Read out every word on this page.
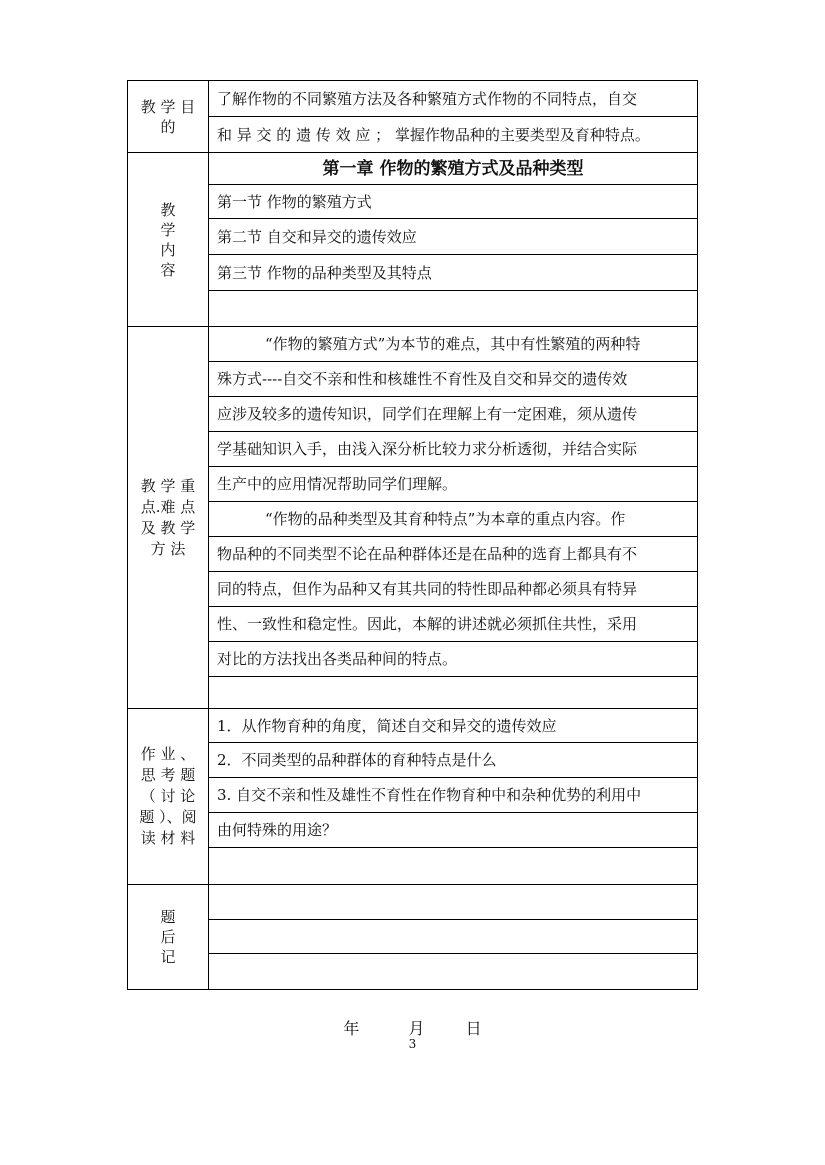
教 学 目 的
了解作物的不同繁殖方法及各种繁殖方式作物的不同特点，自交
和 异 交 的 遗 传 效 应 ； 掌握作物品种的主要类型及育种特点。
教 学 内 容
第一章 作物的繁殖方式及品种类型
第一节 作物的繁殖方式
第二节 自交和异交的遗传效应
第三节 作物的品种类型及其特点
教 学 重 点.难 点 及 教 学 方 法
“作物的繁殖方式”为本节的难点，其中有性繁殖的两种特
殊方式----自交不亲和性和核雄性不育性及自交和异交的遗传效
应涉及较多的遗传知识，同学们在理解上有一定困难，须从遗传
学基础知识入手，由浅入深分析比较力求分析透彻，并结合实际
生产中的应用情况帮助同学们理解。
“作物的品种类型及其育种特点”为本章的重点内容。作
物品种的不同类型不论在品种群体还是在品种的选育上都具有不
同的特点，但作为品种又有其共同的特性即品种都必须具有特异
性、一致性和稳定性。因此，本解的讲述就必须抓住共性，采用
对比的方法找出各类品种间的特点。
作 业 、 思 考 题 （ 讨 论 题 ）、阅 读 材 料
1．从作物育种的角度，简述自交和异交的遗传效应
2．不同类型的品种群体的育种特点是什么
3. 自交不亲和性及雄性不育性在作物育种中和杂种优势的利用中
由何特殊的用途？
题 后 记
年	月	日
3
